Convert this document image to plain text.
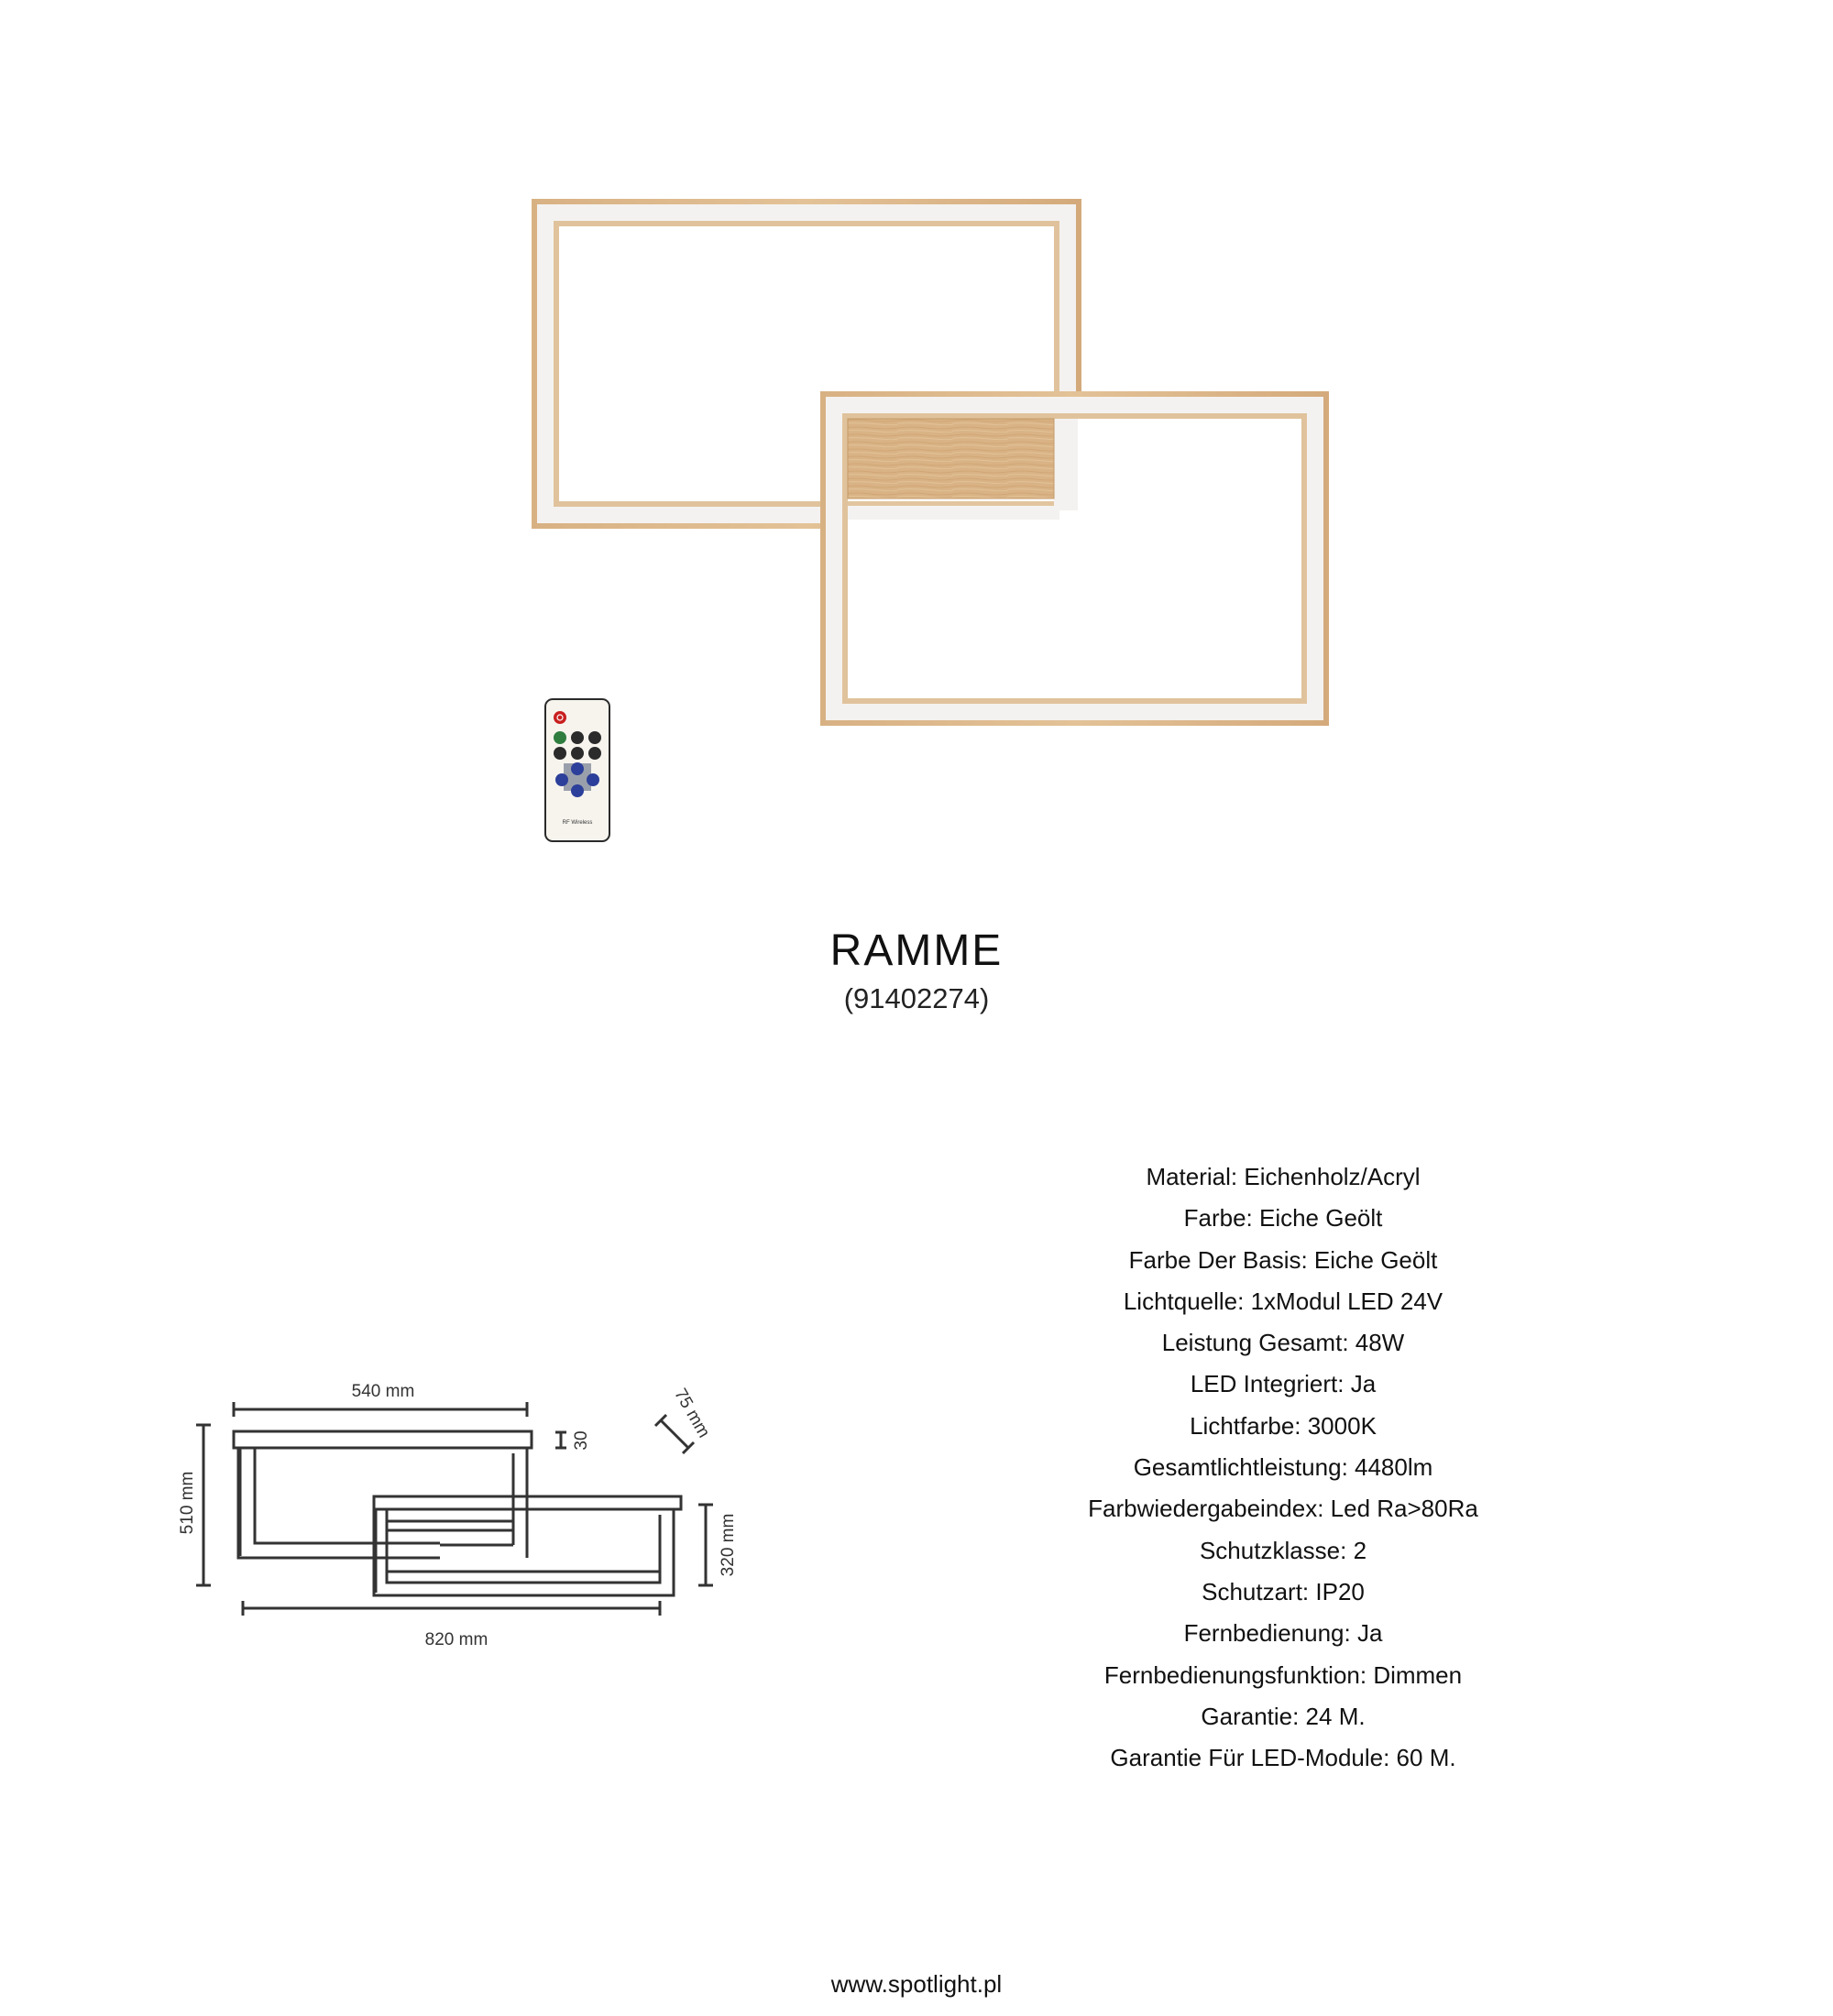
RF Wireless
RAMME
(91402274)
540 mm
820 mm
510 mm
320 mm
30	75 mm
Material: Eichenholz/Acryl
Farbe: Eiche Geölt
Farbe Der Basis: Eiche Geölt
Lichtquelle: 1xModul LED 24V
Leistung Gesamt: 48W
LED Integriert: Ja
Lichtfarbe: 3000K
Gesamtlichtleistung: 4480lm
Farbwiedergabeindex: Led Ra>80Ra
Schutzklasse: 2
Schutzart: IP20
Fernbedienung: Ja
Fernbedienungsfunktion: Dimmen
Garantie: 24 M.
Garantie Für LED-Module: 60 M.
www.spotlight.pl
